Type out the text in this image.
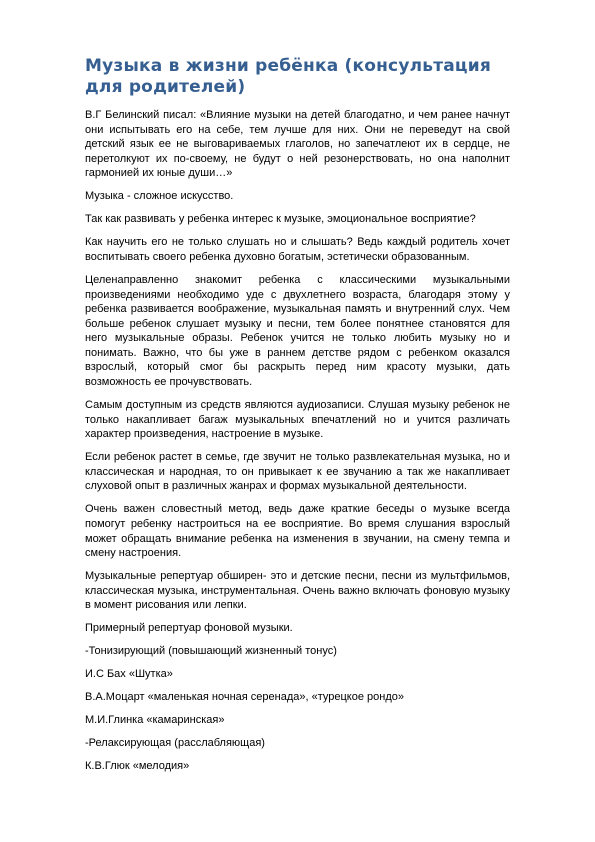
Музыка в жизни ребёнка (консультация для родителей)

В.Г Белинский писал: «Влияние музыки на детей благодатно, и чем ранее начнут они испытывать его на себе, тем лучше для них. Они не переведут на свой детский язык ее не выговариваемых глаголов, но запечатлеют их в сердце, не перетолкуют их по-своему, не будут о ней резонерствовать, но она наполнит гармонией их юные души…»

Музыка - сложное искусство.

Так как развивать у ребенка интерес к музыке, эмоциональное восприятие?

Как научить его не только слушать но и слышать? Ведь каждый родитель хочет воспитывать своего ребенка духовно богатым, эстетически образованным.

Целенаправленно знакомит ребенка с классическими музыкальными произведениями необходимо уде с двухлетнего возраста, благодаря этому у ребенка развивается воображение, музыкальная память и внутренний слух. Чем больше ребенок слушает музыку и песни, тем более понятнее становятся для него музыкальные образы. Ребенок учится не только любить музыку но и понимать. Важно, что бы уже в раннем детстве рядом с ребенком оказался взрослый, который смог бы раскрыть перед ним красоту музыки, дать возможность ее прочувствовать.

Самым доступным из средств являются аудиозаписи. Слушая музыку ребенок не только накапливает багаж музыкальных впечатлений но и учится различать характер произведения, настроение в музыке.

Если ребенок растет в семье, где звучит не только развлекательная музыка, но и классическая и народная, то он привыкает к ее звучанию а так же накапливает слуховой опыт в различных жанрах и формах музыкальной деятельности.

Очень важен словестный метод, ведь даже краткие беседы о музыке всегда помогут ребенку настроиться на ее восприятие. Во время слушания взрослый может обращать внимание ребенка на изменения в звучании, на смену темпа и смену настроения.

Музыкальные репертуар обширен- это и детские песни, песни из мультфильмов, классическая музыка, инструментальная. Очень важно включать фоновую музыку в момент рисования или лепки.

Примерный репертуар фоновой музыки.

-Тонизирующий (повышающий жизненный тонус)

И.С Бах «Шутка»

В.А.Моцарт «маленькая ночная серенада», «турецкое рондо»

М.И.Глинка «камаринская»

-Релаксирующая (расслабляющая)

К.В.Глюк «мелодия»
